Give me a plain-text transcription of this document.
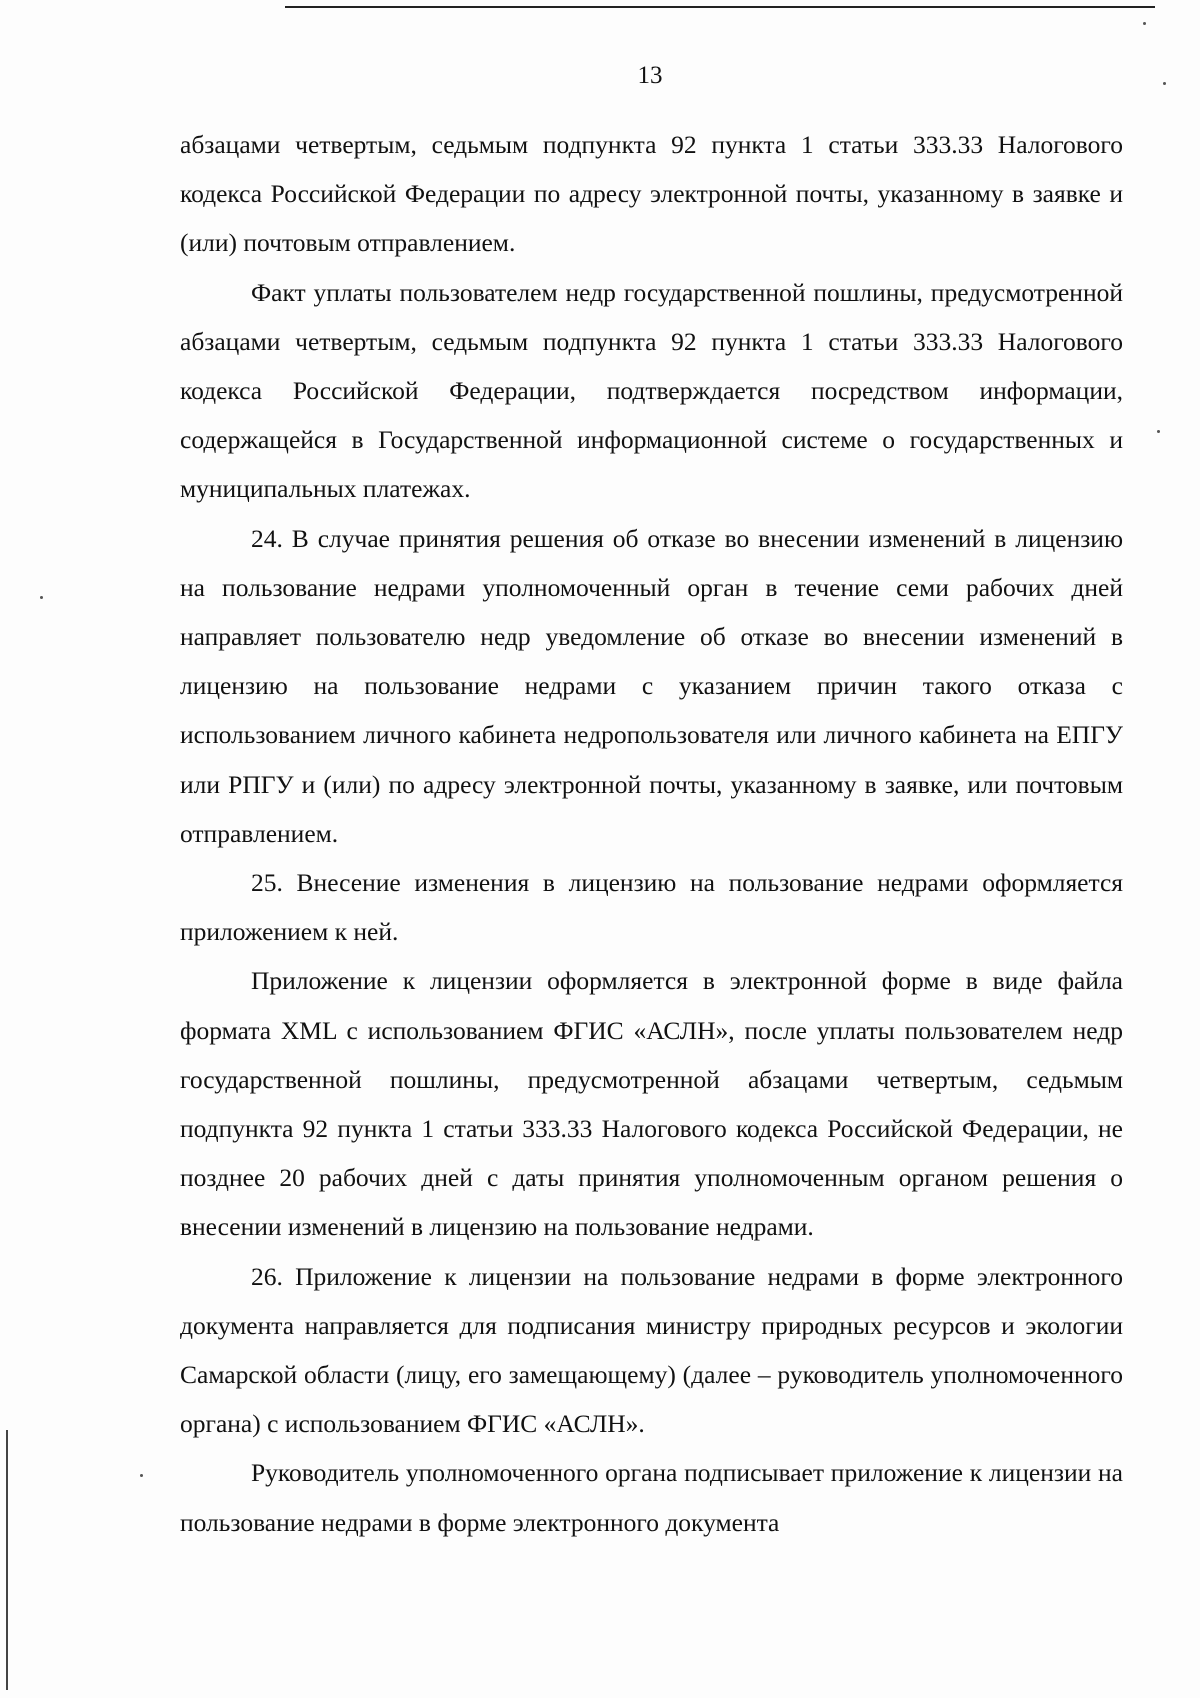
13

абзацами четвертым, седьмым подпункта 92 пункта 1 статьи 333.33 Налогового кодекса Российской Федерации по адресу электронной почты, указанному в заявке и (или) почтовым отправлением.

Факт уплаты пользователем недр государственной пошлины, предусмотренной абзацами четвертым, седьмым подпункта 92 пункта 1 статьи 333.33 Налогового кодекса Российской Федерации, подтверждается посредством информации, содержащейся в Государственной информационной системе о государственных и муниципальных платежах.

24. В случае принятия решения об отказе во внесении изменений в лицензию на пользование недрами уполномоченный орган в течение семи рабочих дней направляет пользователю недр уведомление об отказе во внесении изменений в лицензию на пользование недрами с указанием причин такого отказа с использованием личного кабинета недропользователя или личного кабинета на ЕПГУ или РПГУ и (или) по адресу электронной почты, указанному в заявке, или почтовым отправлением.

25. Внесение изменения в лицензию на пользование недрами оформляется приложением к ней.

Приложение к лицензии оформляется в электронной форме в виде файла формата XML с использованием ФГИС «АСЛН», после уплаты пользователем недр государственной пошлины, предусмотренной абзацами четвертым, седьмым подпункта 92 пункта 1 статьи 333.33 Налогового кодекса Российской Федерации, не позднее 20 рабочих дней с даты принятия уполномоченным органом решения о внесении изменений в лицензию на пользование недрами.

26. Приложение к лицензии на пользование недрами в форме электронного документа направляется для подписания министру природных ресурсов и экологии Самарской области (лицу, его замещающему) (далее – руководитель уполномоченного органа) с использованием ФГИС «АСЛН».

Руководитель уполномоченного органа подписывает приложение к лицензии на пользование недрами в форме электронного документа
